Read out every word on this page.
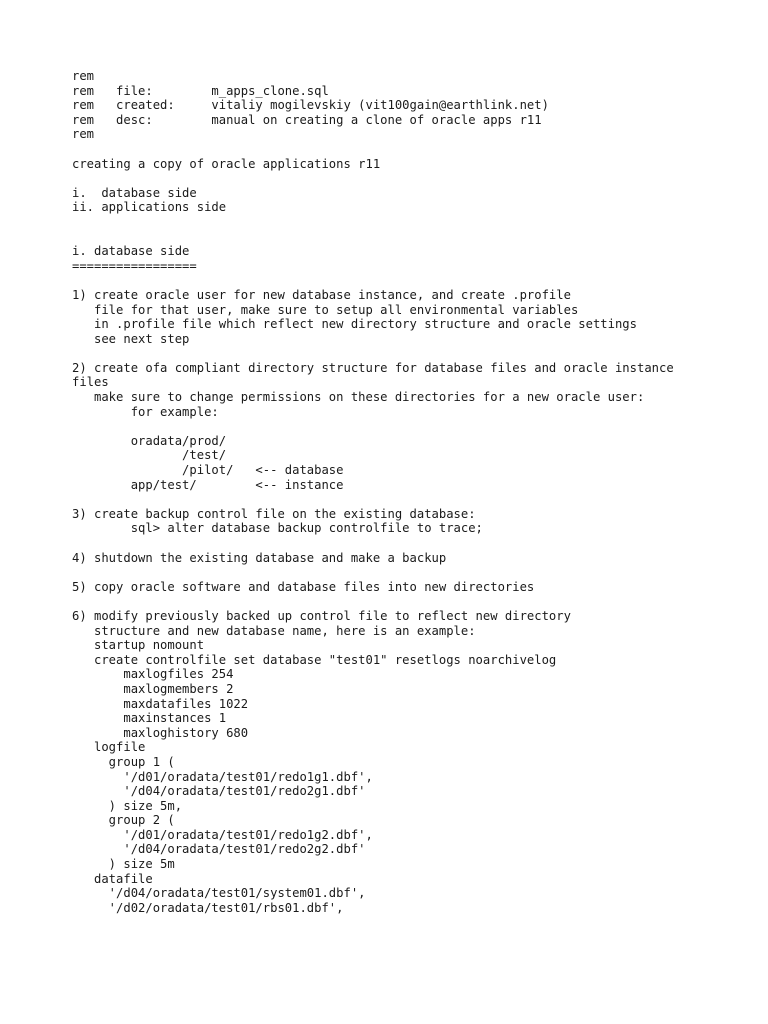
rem
rem   file:        m_apps_clone.sql
rem   created:     vitaliy mogilevskiy (vit100gain@earthlink.net)
rem   desc:        manual on creating a clone of oracle apps r11
rem
creating a copy of oracle applications r11
i.  database side
ii. applications side
i. database side
=================
1) create oracle user for new database instance, and create .profile
file for that user, make sure to setup all environmental variables
in .profile file which reflect new directory structure and oracle settings
see next step
2) create ofa compliant directory structure for database files and oracle instance
files
make sure to change permissions on these directories for a new oracle user:
for example:
oradata/prod/
/test/
/pilot/   <-- database
app/test/        <-- instance
3) create backup control file on the existing database:
sql> alter database backup controlfile to trace;
4) shutdown the existing database and make a backup
5) copy oracle software and database files into new directories
6) modify previously backed up control file to reflect new directory
structure and new database name, here is an example:
startup nomount
create controlfile set database "test01" resetlogs noarchivelog
maxlogfiles 254
maxlogmembers 2
maxdatafiles 1022
maxinstances 1
maxloghistory 680
logfile
group 1 (
'/d01/oradata/test01/redo1g1.dbf',
'/d04/oradata/test01/redo2g1.dbf'
) size 5m,
group 2 (
'/d01/oradata/test01/redo1g2.dbf',
'/d04/oradata/test01/redo2g2.dbf'
) size 5m
datafile
'/d04/oradata/test01/system01.dbf',
'/d02/oradata/test01/rbs01.dbf',
